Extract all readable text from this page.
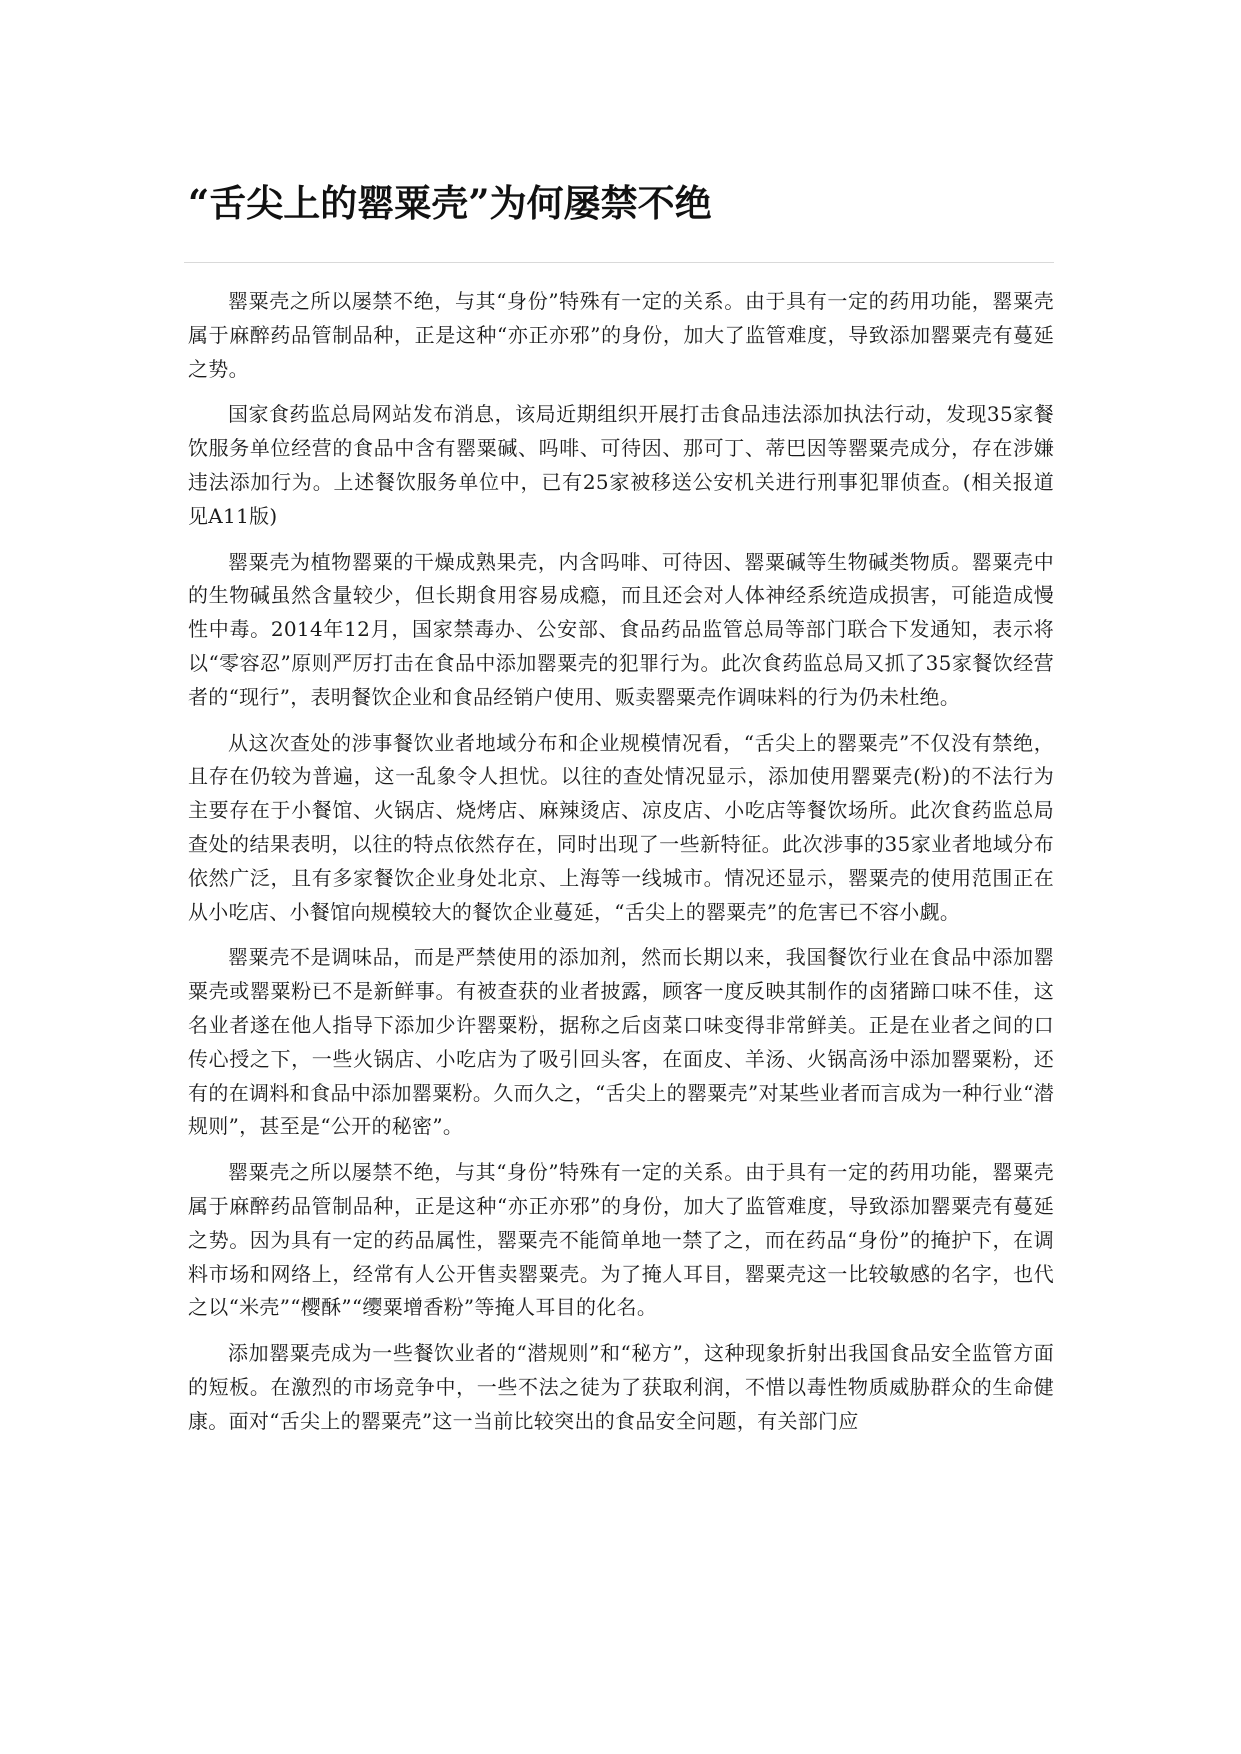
“舌尖上的罂粟壳”为何屡禁不绝

罂粟壳之所以屡禁不绝，与其“身份”特殊有一定的关系。由于具有一定的药用功能，罂粟壳属于麻醉药品管制品种，正是这种“亦正亦邪”的身份，加大了监管难度，导致添加罂粟壳有蔓延之势。

国家食药监总局网站发布消息，该局近期组织开展打击食品违法添加执法行动，发现35家餐饮服务单位经营的食品中含有罂粟碱、吗啡、可待因、那可丁、蒂巴因等罂粟壳成分，存在涉嫌违法添加行为。上述餐饮服务单位中，已有25家被移送公安机关进行刑事犯罪侦查。(相关报道见A11版)

罂粟壳为植物罂粟的干燥成熟果壳，内含吗啡、可待因、罂粟碱等生物碱类物质。罂粟壳中的生物碱虽然含量较少，但长期食用容易成瘾，而且还会对人体神经系统造成损害，可能造成慢性中毒。2014年12月，国家禁毒办、公安部、食品药品监管总局等部门联合下发通知，表示将以“零容忍”原则严厉打击在食品中添加罂粟壳的犯罪行为。此次食药监总局又抓了35家餐饮经营者的“现行”，表明餐饮企业和食品经销户使用、贩卖罂粟壳作调味料的行为仍未杜绝。

从这次查处的涉事餐饮业者地域分布和企业规模情况看，“舌尖上的罂粟壳”不仅没有禁绝，且存在仍较为普遍，这一乱象令人担忧。以往的查处情况显示，添加使用罂粟壳(粉)的不法行为主要存在于小餐馆、火锅店、烧烤店、麻辣烫店、凉皮店、小吃店等餐饮场所。此次食药监总局查处的结果表明，以往的特点依然存在，同时出现了一些新特征。此次涉事的35家业者地域分布依然广泛，且有多家餐饮企业身处北京、上海等一线城市。情况还显示，罂粟壳的使用范围正在从小吃店、小餐馆向规模较大的餐饮企业蔓延，“舌尖上的罂粟壳”的危害已不容小觑。

罂粟壳不是调味品，而是严禁使用的添加剂，然而长期以来，我国餐饮行业在食品中添加罂粟壳或罂粟粉已不是新鲜事。有被查获的业者披露，顾客一度反映其制作的卤猪蹄口味不佳，这名业者遂在他人指导下添加少许罂粟粉，据称之后卤菜口味变得非常鲜美。正是在业者之间的口传心授之下，一些火锅店、小吃店为了吸引回头客，在面皮、羊汤、火锅高汤中添加罂粟粉，还有的在调料和食品中添加罂粟粉。久而久之，“舌尖上的罂粟壳”对某些业者而言成为一种行业“潜规则”，甚至是“公开的秘密”。

罂粟壳之所以屡禁不绝，与其“身份”特殊有一定的关系。由于具有一定的药用功能，罂粟壳属于麻醉药品管制品种，正是这种“亦正亦邪”的身份，加大了监管难度，导致添加罂粟壳有蔓延之势。因为具有一定的药品属性，罂粟壳不能简单地一禁了之，而在药品“身份”的掩护下，在调料市场和网络上，经常有人公开售卖罂粟壳。为了掩人耳目，罂粟壳这一比较敏感的名字，也代之以“米壳”“樱酥”“缨粟增香粉”等掩人耳目的化名。

添加罂粟壳成为一些餐饮业者的“潜规则”和“秘方”，这种现象折射出我国食品安全监管方面的短板。在激烈的市场竞争中，一些不法之徒为了获取利润，不惜以毒性物质威胁群众的生命健康。面对“舌尖上的罂粟壳”这一当前比较突出的食品安全问题，有关部门应
